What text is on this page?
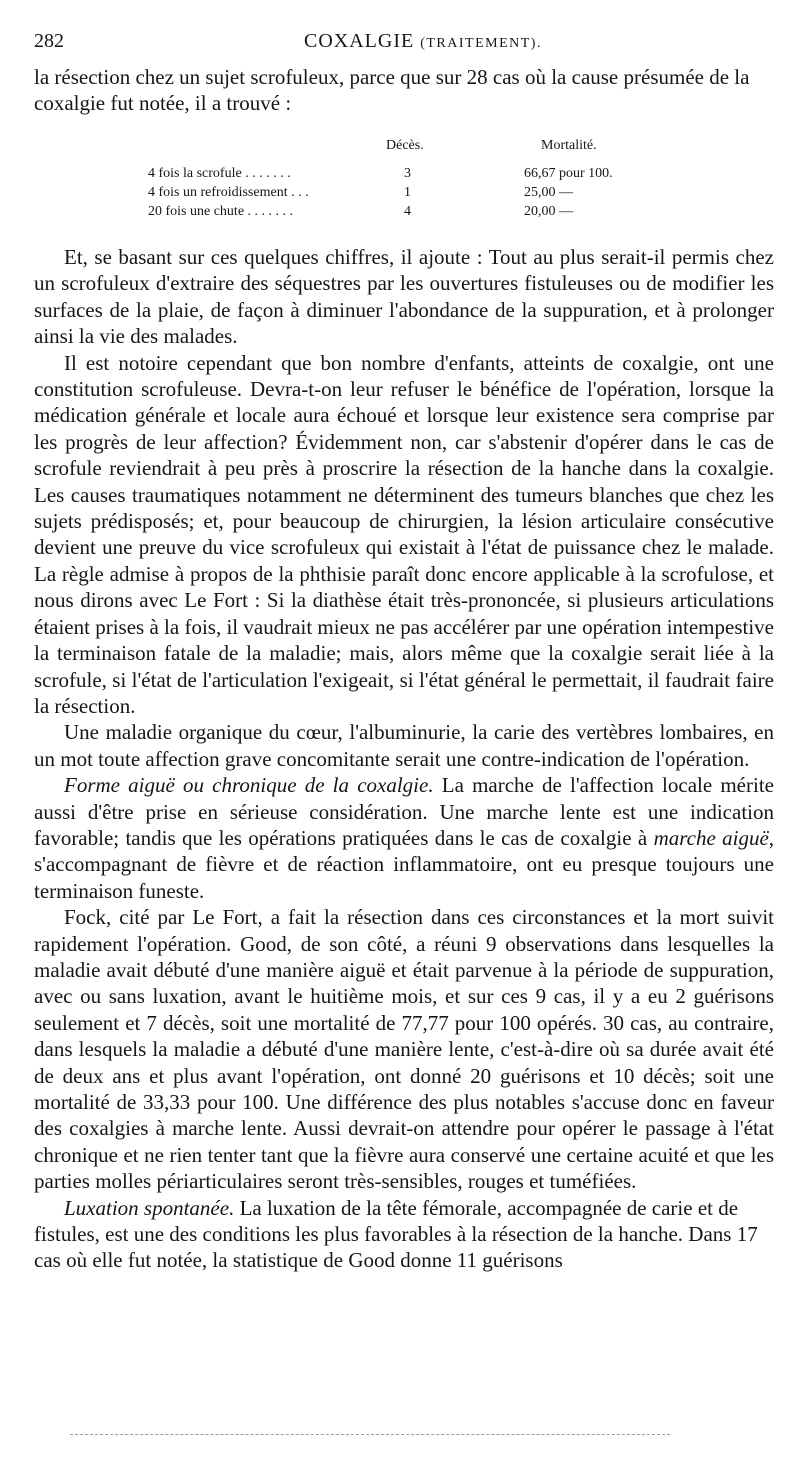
282	COXALGIE (TRAITEMENT).

la résection chez un sujet scrofuleux, parce que sur 28 cas où la cause présumée de la coxalgie fut notée, il a trouvé :

Décès.	Mortalité.
4 fois la scrofule . . . . . . .	3	66,67 pour 100.
4 fois un refroidissement . . .	1	25,00 —
20 fois une chute . . . . . . .	4	20,00 —

Et, se basant sur ces quelques chiffres, il ajoute : Tout au plus serait-il permis chez un scrofuleux d'extraire des séquestres par les ouvertures fistuleuses ou de modifier les surfaces de la plaie, de façon à diminuer l'abondance de la suppuration, et à prolonger ainsi la vie des malades.

Il est notoire cependant que bon nombre d'enfants, atteints de coxalgie, ont une constitution scrofuleuse. Devra-t-on leur refuser le bénéfice de l'opération, lorsque la médication générale et locale aura échoué et lorsque leur existence sera comprise par les progrès de leur affection? Évidemment non, car s'abstenir d'opérer dans le cas de scrofule reviendrait à peu près à proscrire la résection de la hanche dans la coxalgie. Les causes traumatiques notamment ne déterminent des tumeurs blanches que chez les sujets prédisposés; et, pour beaucoup de chirurgien, la lésion articulaire consécutive devient une preuve du vice scrofuleux qui existait à l'état de puissance chez le malade. La règle admise à propos de la phthisie paraît donc encore applicable à la scrofulose, et nous dirons avec Le Fort : Si la diathèse était très-prononcée, si plusieurs articulations étaient prises à la fois, il vaudrait mieux ne pas accélérer par une opération intempestive la terminaison fatale de la maladie; mais, alors même que la coxalgie serait liée à la scrofule, si l'état de l'articulation l'exigeait, si l'état général le permettait, il faudrait faire la résection.

Une maladie organique du cœur, l'albuminurie, la carie des vertèbres lombaires, en un mot toute affection grave concomitante serait une contre-indication de l'opération.

Forme aiguë ou chronique de la coxalgie. La marche de l'affection locale mérite aussi d'être prise en sérieuse considération. Une marche lente est une indication favorable; tandis que les opérations pratiquées dans le cas de coxalgie à marche aiguë, s'accompagnant de fièvre et de réaction inflammatoire, ont eu presque toujours une terminaison funeste.

Fock, cité par Le Fort, a fait la résection dans ces circonstances et la mort suivit rapidement l'opération. Good, de son côté, a réuni 9 observations dans lesquelles la maladie avait débuté d'une manière aiguë et était parvenue à la période de suppuration, avec ou sans luxation, avant le huitième mois, et sur ces 9 cas, il y a eu 2 guérisons seulement et 7 décès, soit une mortalité de 77,77 pour 100 opérés. 30 cas, au contraire, dans lesquels la maladie a débuté d'une manière lente, c'est-à-dire où sa durée avait été de deux ans et plus avant l'opération, ont donné 20 guérisons et 10 décès; soit une mortalité de 33,33 pour 100. Une différence des plus notables s'accuse donc en faveur des coxalgies à marche lente. Aussi devrait-on attendre pour opérer le passage à l'état chronique et ne rien tenter tant que la fièvre aura conservé une certaine acuité et que les parties molles périarticulaires seront très-sensibles, rouges et tuméfiées.

Luxation spontanée. La luxation de la tête fémorale, accompagnée de carie et de fistules, est une des conditions les plus favorables à la résection de la hanche. Dans 17 cas où elle fut notée, la statistique de Good donne 11 guérisons
